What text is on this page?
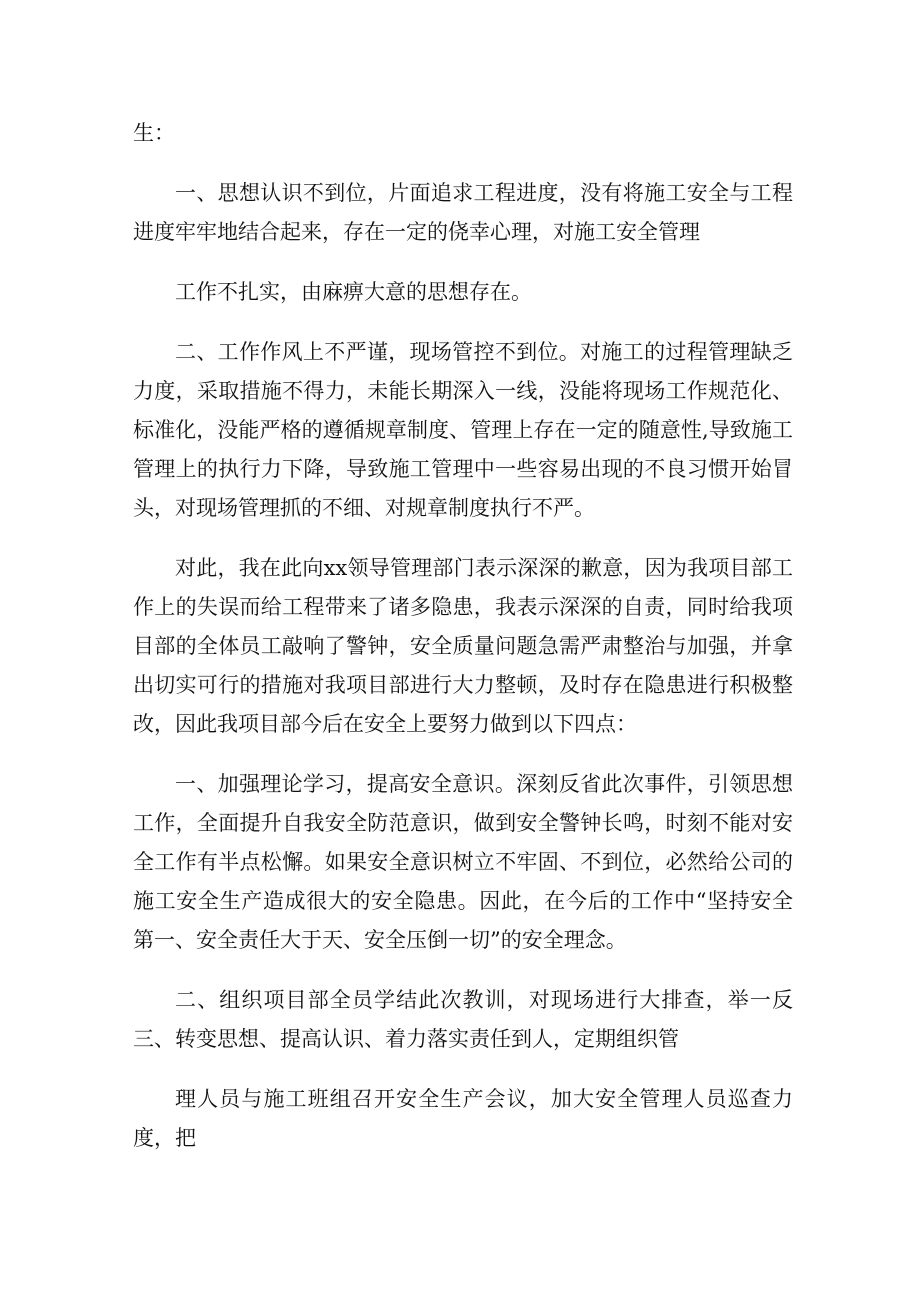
生：

一、思想认识不到位，片面追求工程进度，没有将施工安全与工程进度牢牢地结合起来，存在一定的侥幸心理，对施工安全管理

工作不扎实，由麻痹大意的思想存在。

二、工作作风上不严谨，现场管控不到位。对施工的过程管理缺乏力度，采取措施不得力，未能长期深入一线，没能将现场工作规范化、标准化，没能严格的遵循规章制度、管理上存在一定的随意性,导致施工管理上的执行力下降，导致施工管理中一些容易出现的不良习惯开始冒头，对现场管理抓的不细、对规章制度执行不严。

对此，我在此向xx领导管理部门表示深深的歉意，因为我项目部工作上的失误而给工程带来了诸多隐患，我表示深深的自责，同时给我项目部的全体员工敲响了警钟，安全质量问题急需严肃整治与加强，并拿出切实可行的措施对我项目部进行大力整顿，及时存在隐患进行积极整改，因此我项目部今后在安全上要努力做到以下四点：

一、加强理论学习，提高安全意识。深刻反省此次事件，引领思想工作，全面提升自我安全防范意识，做到安全警钟长鸣，时刻不能对安全工作有半点松懈。如果安全意识树立不牢固、不到位，必然给公司的施工安全生产造成很大的安全隐患。因此，在今后的工作中“坚持安全第一、安全责任大于天、安全压倒一切”的安全理念。

二、组织项目部全员学结此次教训，对现场进行大排查，举一反三、转变思想、提高认识、着力落实责任到人，定期组织管

理人员与施工班组召开安全生产会议，加大安全管理人员巡查力度，把
